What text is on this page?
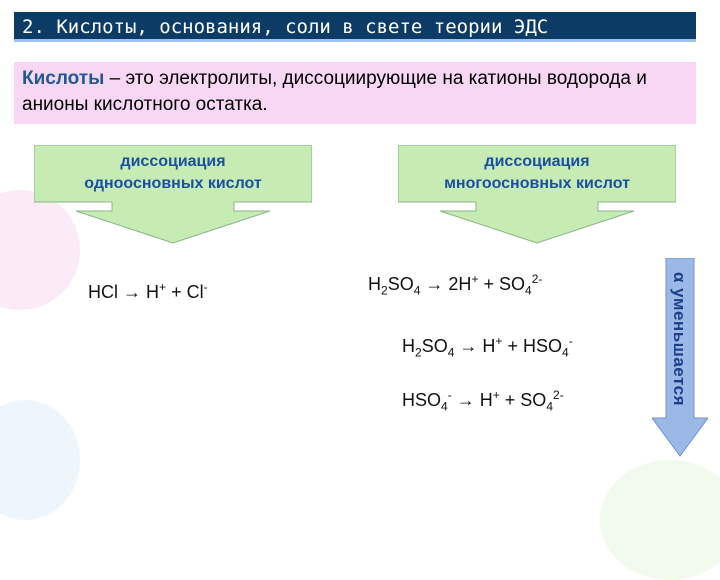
2. Кислоты, основания, соли в свете теории ЭДС
Кислоты – это электролиты, диссоциирующие на катионы водорода и анионы кислотного остатка.
диссоциация
одноосновных кислот
диссоциация
многоосновных кислот
HCl → H+ + Cl-	$H_2SO_4 \to 2H^+ + SO_4^{2-}$
$H_2SO_4 \to H^+ + HSO_4^-$
$HSO_4^- \to H^+ + SO_4^{2-}$	α уменьшается
